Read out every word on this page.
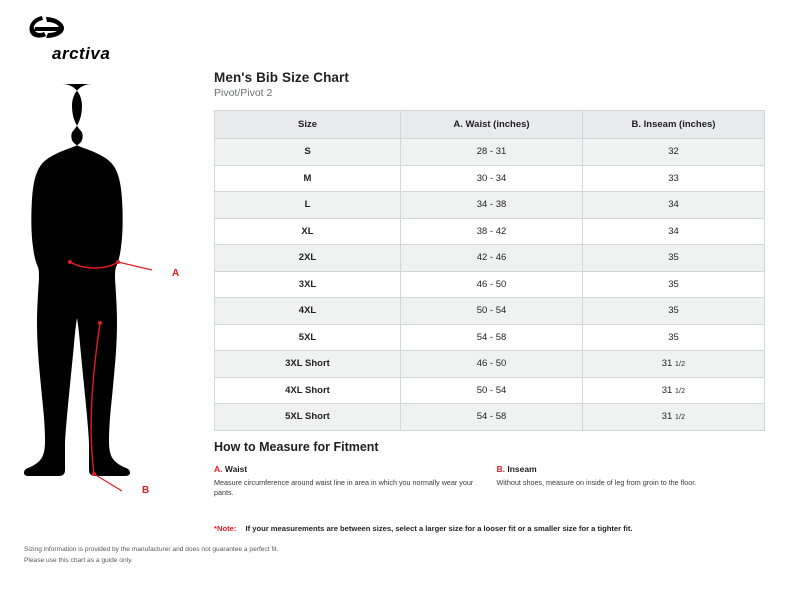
arctiva
A
B
Men's Bib Size Chart
Pivot/Pivot 2
Size	A. Waist (inches)	B. Inseam (inches)
S	28 - 31	32
M	30 - 34	33
L	34 - 38	34
XL	38 - 42	34
2XL	42 - 46	35
3XL	46 - 50	35
4XL	50 - 54	35
5XL	54 - 58	35
3XL Short	46 - 50	31 1/2
4XL Short	50 - 54	31 1/2
5XL Short	54 - 58	31 1/2
How to Measure for Fitment
A. Waist

Measure circumference around waist line in area in which you normally wear your pants.

B. Inseam

Without shoes, measure on inside of leg from groin to the floor.

*Note: If your measurements are between sizes, select a larger size for a looser fit or a smaller size for a tighter fit.
Sizing information is provided by the manufacturer and does not guarantee a perfect fit.
Please use this chart as a guide only.
